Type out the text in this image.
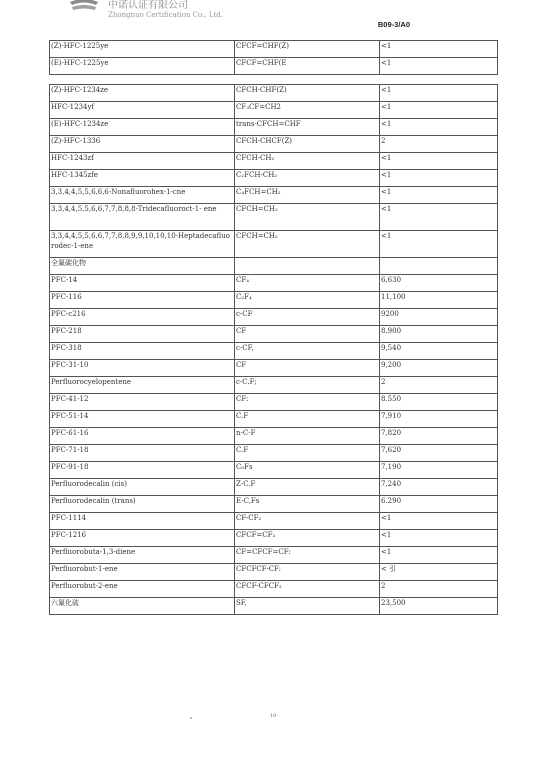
中诺认证有限公司
Zhongnuo Certification Co., Ltd.
B09-3/A0
(Z)-HFC-1225ye	CFCF=CHF(Z)	<1
(E)-HFC-1225ye	CFCF=CHF(E	<1
(Z)-HFC-1234ze	CFCH-CHF(Z)	<1
HFC-1234yf	CF₃CF=CH2	<1
(E)-HFC-1234ze	trans-CFCH=CHF	<1
(Z)-HFC-1336	CFCH-CHCF(Z)	2
HFC-1243zf	CFCH-CH₂	<1
HFC-1345zfe	C₂FCH-CH₂	<1
3,3,4,4,5,5,6,6,6-Nonafluorohex-1-cne	C₄FCH=CH₂	<1
3,3,4,4,5,5,6,6,7,7,8,8,8-Tridecafluoroct-1- ene	CFCH=CH₂	<1
3,3,4,4,5,5,6,6,7,7,8,8,9,9,10,10,10-Heptadecafluorodec-1-ene	CFCH=CH₂	<1
全氟碳化物		
PFC-14	CF₄	6,630
PFC-116	C₂F₄	11,100
PFC-c216	c-CF	9200
PFC-218	CF	8.900
PFC-318	c-CF,	9,540
PFC-31-10	CF	9,200
Perfluorocyelopentene	c-C.F;	2
PFC-41-12	CF:	8.550
PFC-51-14	C.F	7,910
PFC-61-16	n-C-F	7,820
PFC-71-18	C.F	7,620
PFC-91-18	C₀Fs	7,190
Perfluorodecalin (cis)	Z-C.F	7,240
Perfluorodecalin (trans)	E-C,Fs	6.290
PFC-1114	CF-CF₂	<1
PFC-1216	CFCF=CF₂	<1
Perfluorobuta-1,3-diene	CF=CFCF=CF:	<1
Perfluorobut-1-ene	CFCFCF-CF:	< 引
Perfluorobut-2-ene	CFCF-CFCF₂	2
六氟化硫	SF,	23,500
10
